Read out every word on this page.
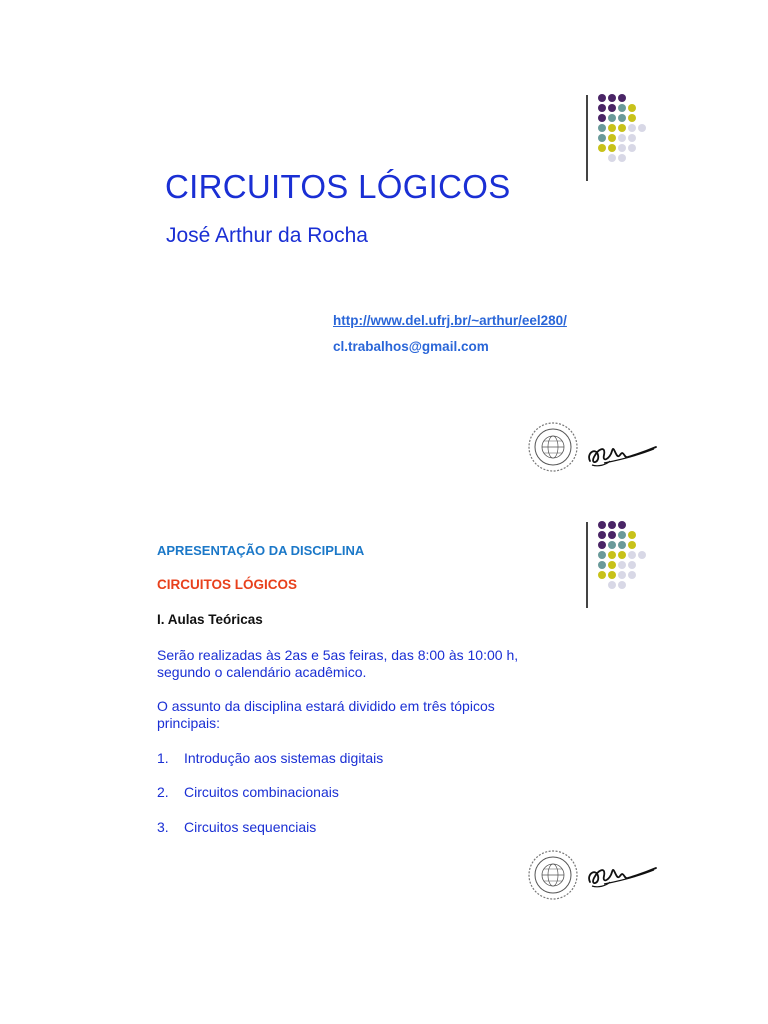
CIRCUITOS LÓGICOS
José Arthur da Rocha
http://www.del.ufrj.br/~arthur/eel280/
cl.trabalhos@gmail.com
APRESENTAÇÃO DA DISCIPLINA
CIRCUITOS LÓGICOS
I. Aulas Teóricas

Serão realizadas às 2as e 5as feiras, das 8:00 às 10:00 h,
segundo o calendário acadêmico.

O assunto da disciplina estará dividido em três tópicos
principais:

1. Introdução aos sistemas digitais
2. Circuitos combinacionais
3. Circuitos sequenciais
